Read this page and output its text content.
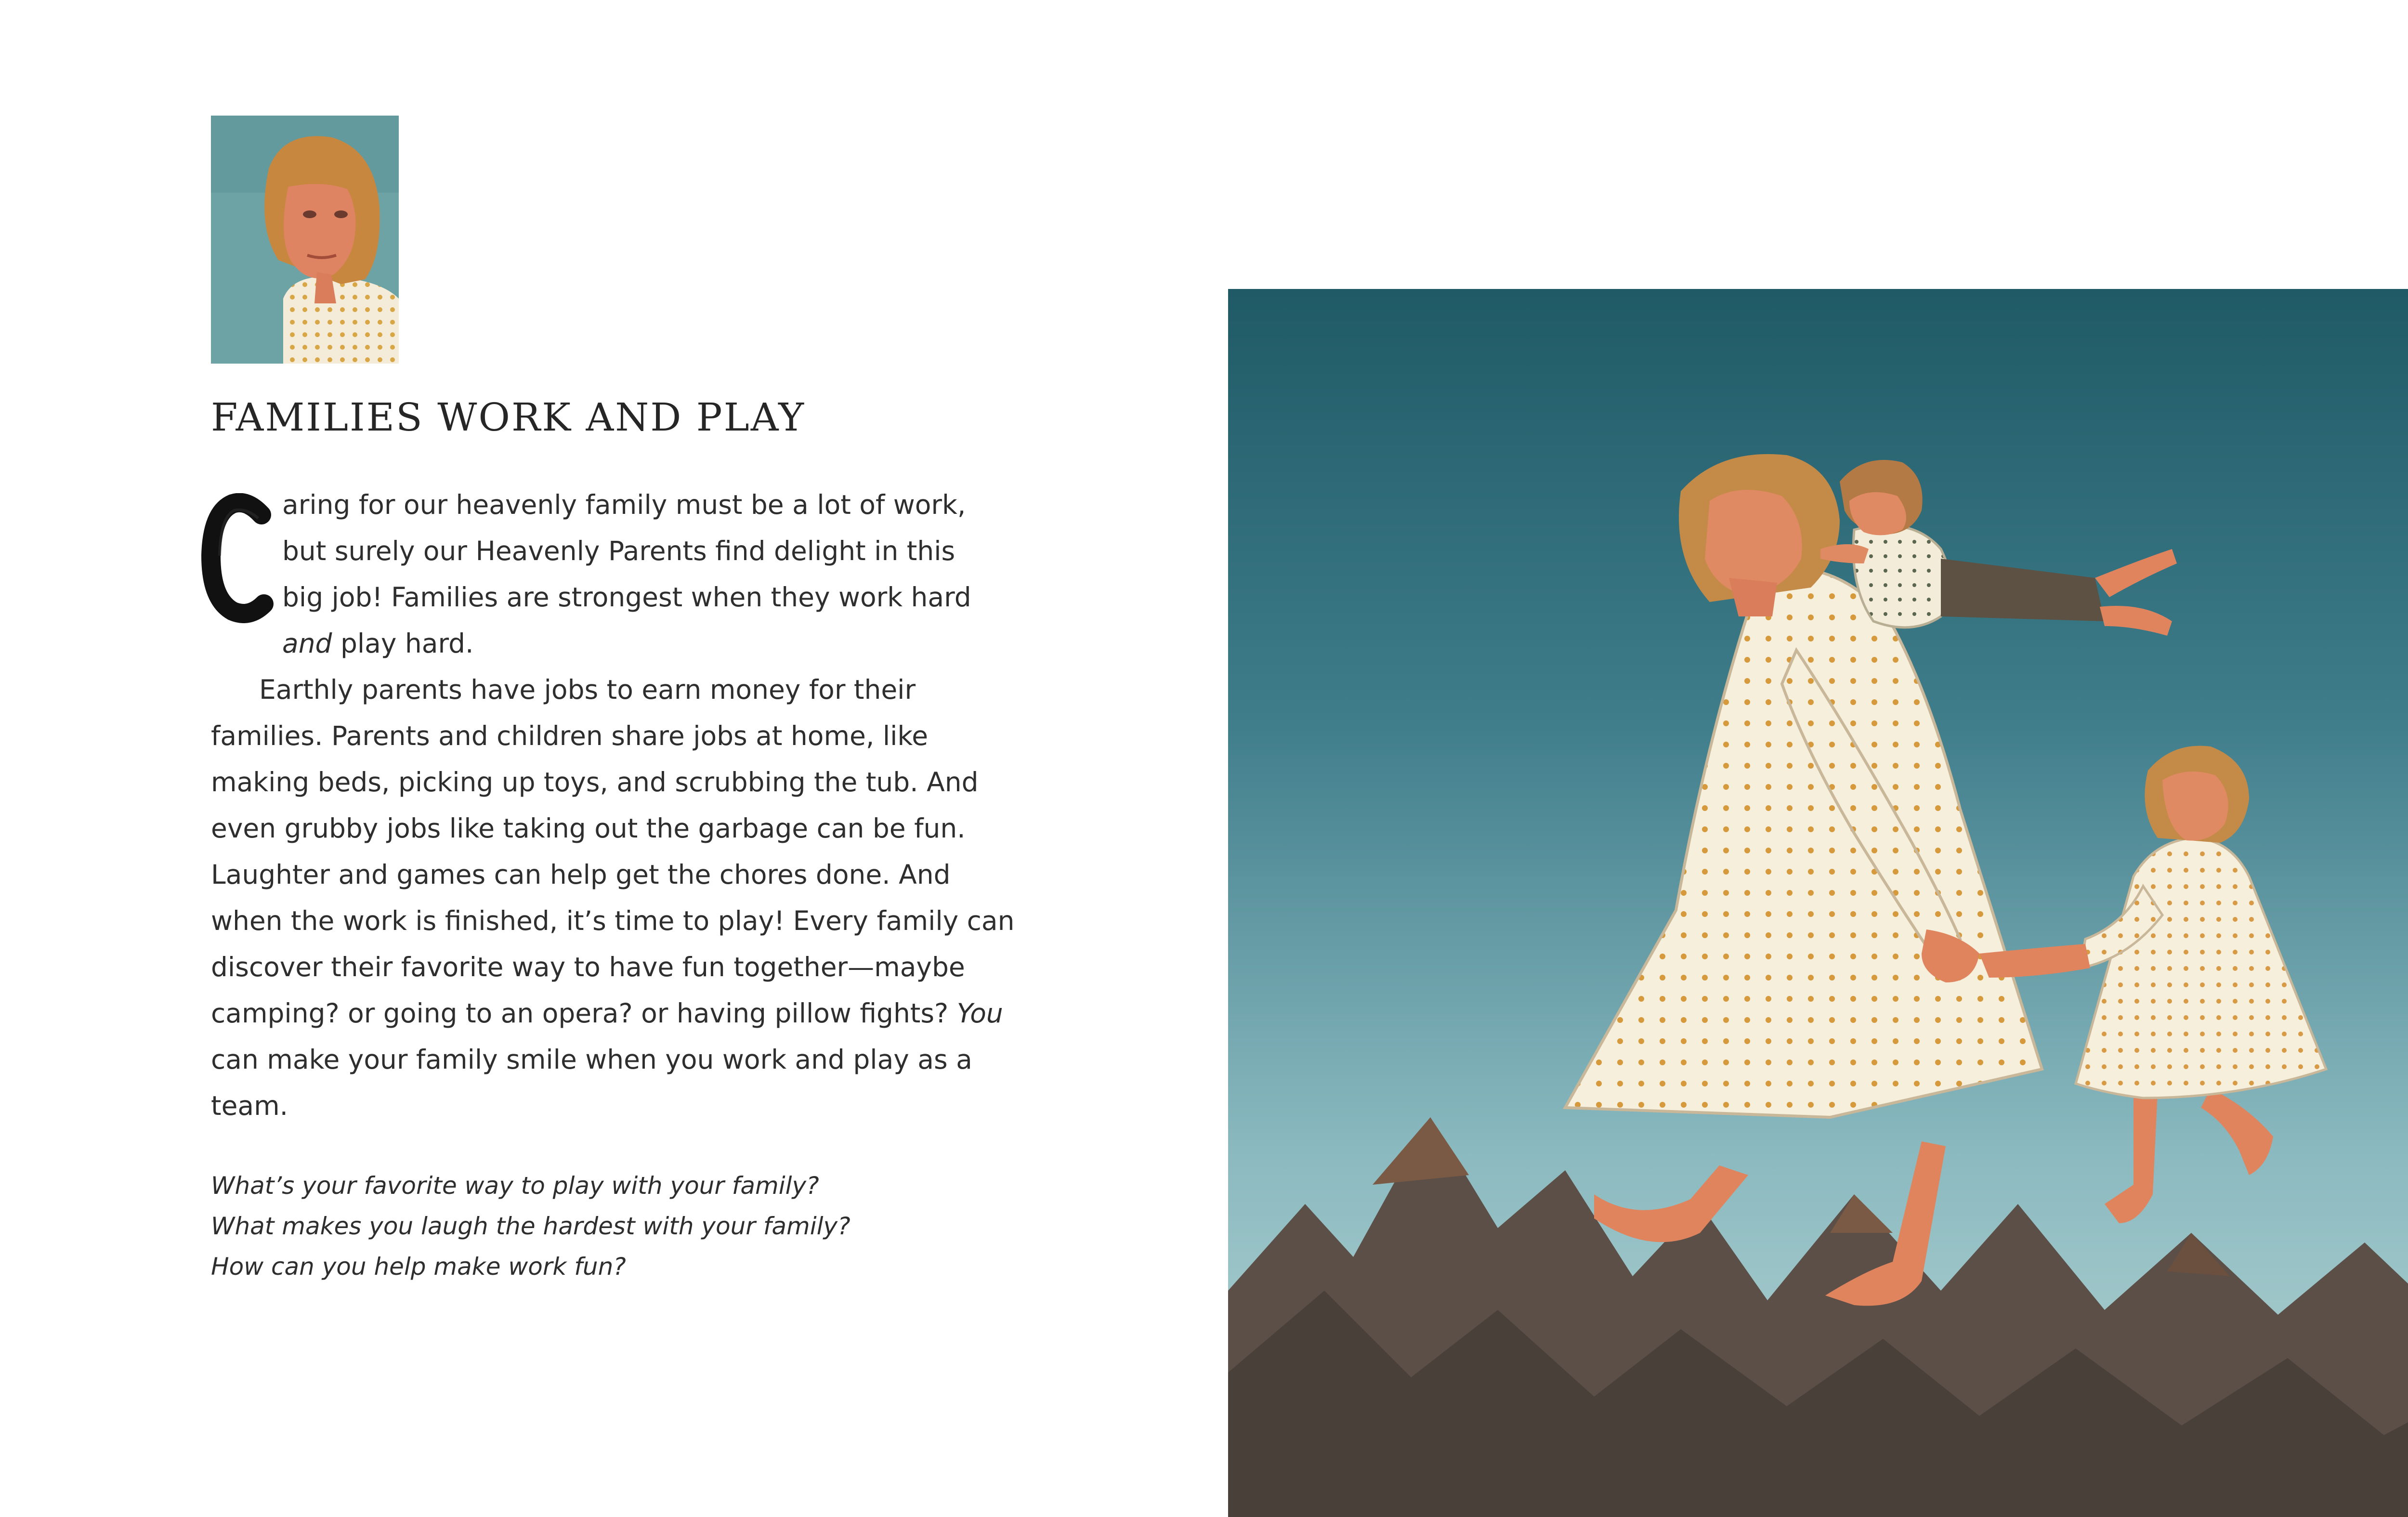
FAMILIES WORK AND PLAY

aring for our heavenly family must be a lot of work,
but surely our Heavenly Parents find delight in this
big job! Families are strongest when they work hard
and play hard.

Earthly parents have jobs to earn money for their families. Parents and children share jobs at home, like making beds, picking up toys, and scrubbing the tub. And even grubby jobs like taking out the garbage can be fun. Laughter and games can help get the chores done. And when the work is finished, it’s time to play! Every family can discover their favorite way to have fun together—maybe camping? or going to an opera? or having pillow fights? You can make your family smile when you work and play as a team.

What’s your favorite way to play with your family?
What makes you laugh the hardest with your family?
How can you help make work fun?
